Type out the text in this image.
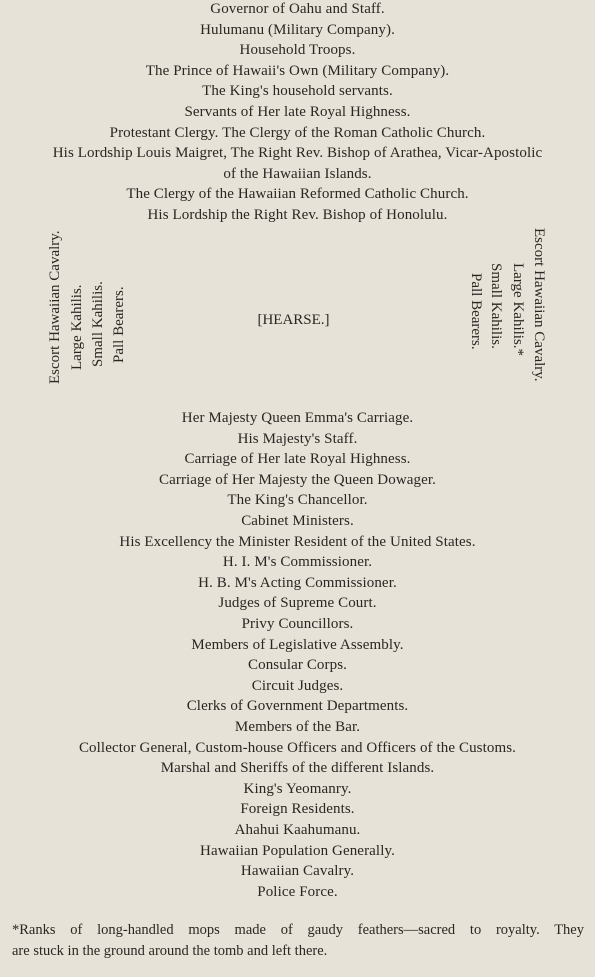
Governor of Oahu and Staff.
Hulumanu (Military Company).
Household Troops.
The Prince of Hawaii's Own (Military Company).
The King's household servants.
Servants of Her late Royal Highness.
Protestant Clergy. The Clergy of the Roman Catholic Church.
His Lordship Louis Maigret, The Right Rev. Bishop of Arathea, Vicar-Apostolic
of the Hawaiian Islands.
The Clergy of the Hawaiian Reformed Catholic Church.
His Lordship the Right Rev. Bishop of Honolulu.
Escort Hawaiian Cavalry. Large Kahilis. Small Kahilis. Pall Bearers.	[HEARSE.]	Escort Hawaiian Cavalry.
Large Kahilis.*
Small Kahilis.
Pall Bearers.
Her Majesty Queen Emma's Carriage.
His Majesty's Staff.
Carriage of Her late Royal Highness.
Carriage of Her Majesty the Queen Dowager.
The King's Chancellor.
Cabinet Ministers.
His Excellency the Minister Resident of the United States.
H. I. M's Commissioner.
H. B. M's Acting Commissioner.
Judges of Supreme Court.
Privy Councillors.
Members of Legislative Assembly.
Consular Corps.
Circuit Judges.
Clerks of Government Departments.
Members of the Bar.
Collector General, Custom-house Officers and Officers of the Customs.
Marshal and Sheriffs of the different Islands.
King's Yeomanry.
Foreign Residents.
Ahahui Kaahumanu.
Hawaiian Population Generally.
Hawaiian Cavalry.
Police Force.
*Ranks of long-handled mops made of gaudy feathers—sacred to royalty. They
are stuck in the ground around the tomb and left there.
